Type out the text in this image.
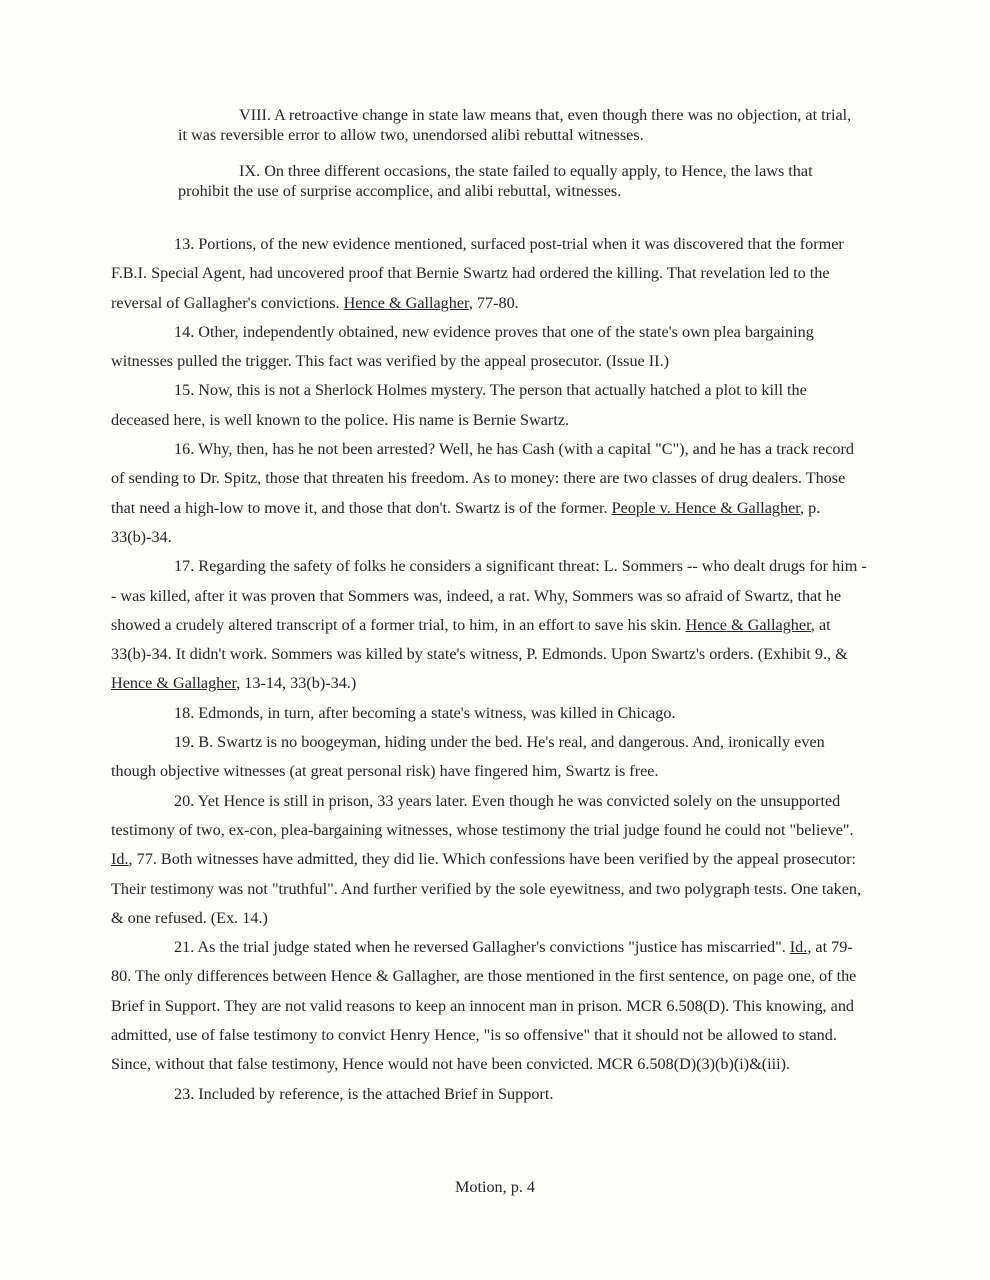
VIII. A retroactive change in state law means that, even though there was no objection, at trial, it was reversible error to allow two, unendorsed alibi rebuttal witnesses.

IX. On three different occasions, the state failed to equally apply, to Hence, the laws that prohibit the use of surprise accomplice, and alibi rebuttal, witnesses.

13. Portions, of the new evidence mentioned, surfaced post-trial when it was discovered that the former F.B.I. Special Agent, had uncovered proof that Bernie Swartz had ordered the killing. That revelation led to the reversal of Gallagher's convictions. Hence & Gallagher, 77-80.

14. Other, independently obtained, new evidence proves that one of the state's own plea bargaining witnesses pulled the trigger. This fact was verified by the appeal prosecutor. (Issue II.)

15. Now, this is not a Sherlock Holmes mystery. The person that actually hatched a plot to kill the deceased here, is well known to the police. His name is Bernie Swartz.

16. Why, then, has he not been arrested? Well, he has Cash (with a capital "C"), and he has a track record of sending to Dr. Spitz, those that threaten his freedom. As to money: there are two classes of drug dealers. Those that need a high-low to move it, and those that don't. Swartz is of the former. People v. Hence & Gallagher, p. 33(b)-34.

17. Regarding the safety of folks he considers a significant threat: L. Sommers -- who dealt drugs for him -- was killed, after it was proven that Sommers was, indeed, a rat. Why, Sommers was so afraid of Swartz, that he showed a crudely altered transcript of a former trial, to him, in an effort to save his skin. Hence & Gallagher, at 33(b)-34. It didn't work. Sommers was killed by state's witness, P. Edmonds. Upon Swartz's orders. (Exhibit 9., & Hence & Gallagher, 13-14, 33(b)-34.)

18. Edmonds, in turn, after becoming a state's witness, was killed in Chicago.

19. B. Swartz is no boogeyman, hiding under the bed. He's real, and dangerous. And, ironically even though objective witnesses (at great personal risk) have fingered him, Swartz is free.

20. Yet Hence is still in prison, 33 years later. Even though he was convicted solely on the unsupported testimony of two, ex-con, plea-bargaining witnesses, whose testimony the trial judge found he could not "believe". Id., 77. Both witnesses have admitted, they did lie. Which confessions have been verified by the appeal prosecutor: Their testimony was not "truthful". And further verified by the sole eyewitness, and two polygraph tests. One taken, & one refused. (Ex. 14.)

21. As the trial judge stated when he reversed Gallagher's convictions "justice has miscarried". Id., at 79-80. The only differences between Hence & Gallagher, are those mentioned in the first sentence, on page one, of the Brief in Support. They are not valid reasons to keep an innocent man in prison. MCR 6.508(D). This knowing, and admitted, use of false testimony to convict Henry Hence, "is so offensive" that it should not be allowed to stand. Since, without that false testimony, Hence would not have been convicted. MCR 6.508(D)(3)(b)(i)&(iii).

23. Included by reference, is the attached Brief in Support.

Motion, p. 4
